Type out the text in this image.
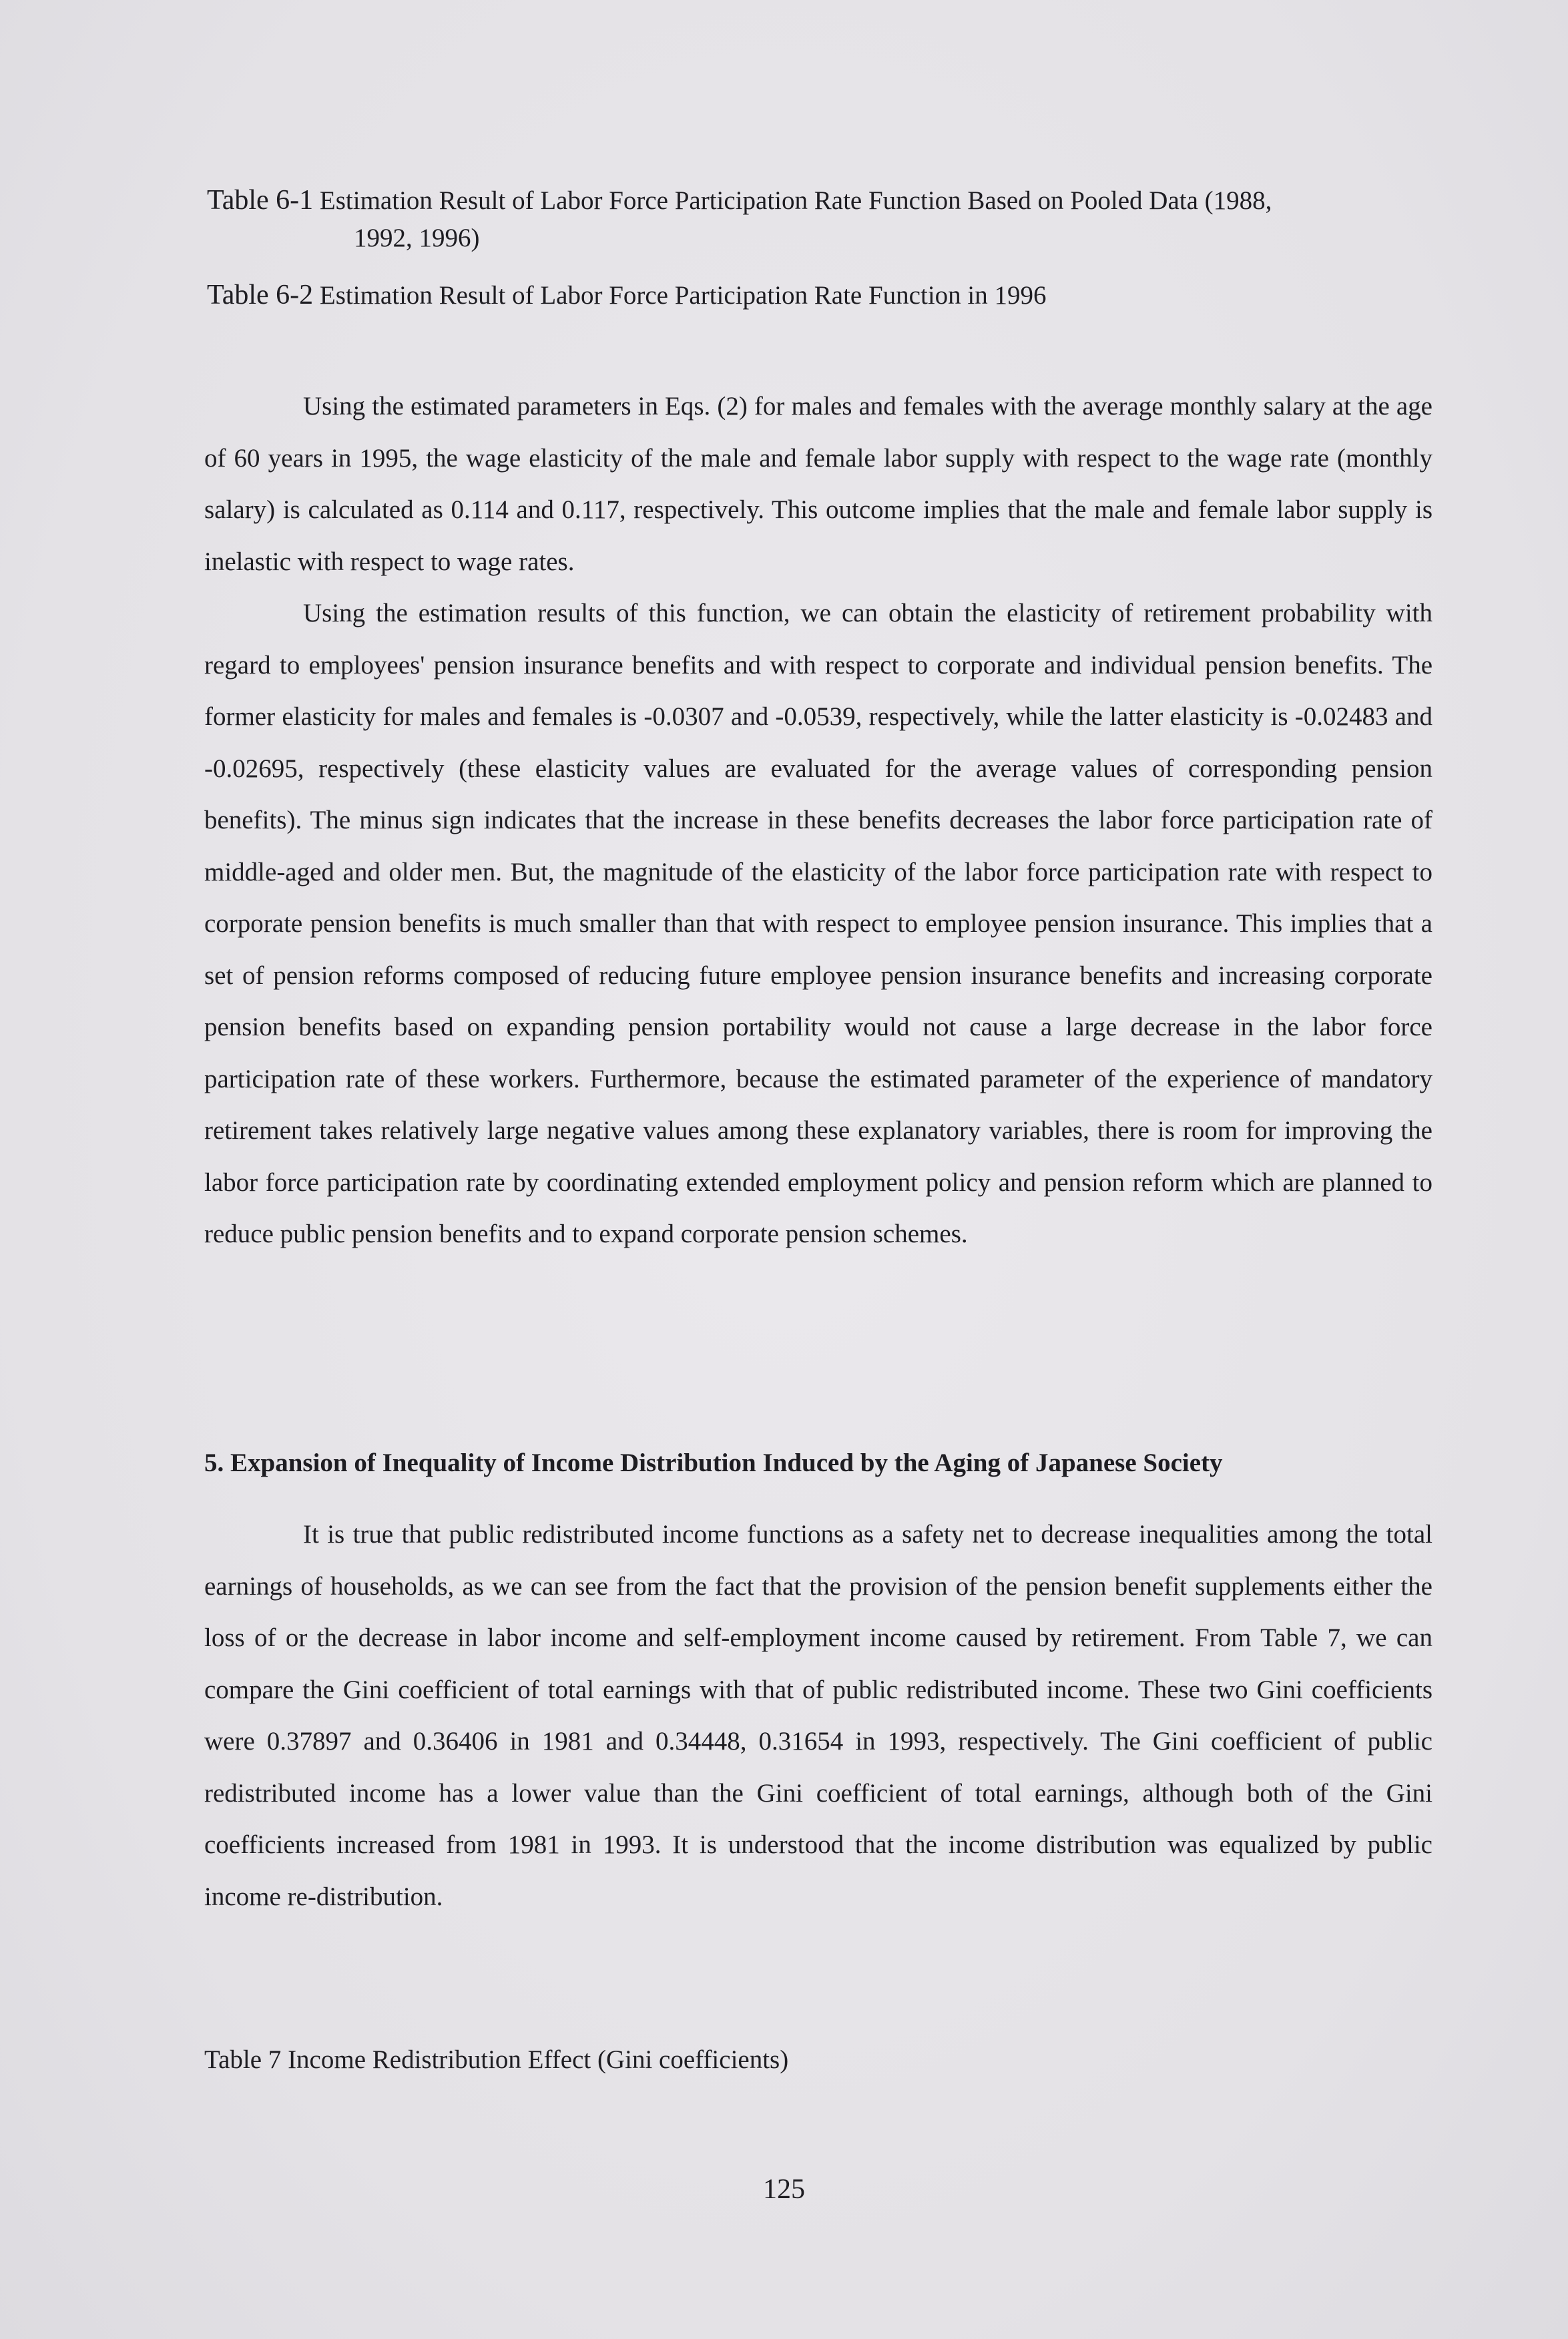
Table 6-1 Estimation Result of Labor Force Participation Rate Function Based on Pooled Data (1988,
1992, 1996)

Table 6-2 Estimation Result of Labor Force Participation Rate Function in 1996

Using the estimated parameters in Eqs. (2) for males and females with the average monthly salary at the age of 60 years in 1995, the wage elasticity of the male and female labor supply with respect to the wage rate (monthly salary) is calculated as 0.114 and 0.117, respectively. This outcome implies that the male and female labor supply is inelastic with respect to wage rates.

Using the estimation results of this function, we can obtain the elasticity of retirement probability with regard to employees' pension insurance benefits and with respect to corporate and individual pension benefits. The former elasticity for males and females is -0.0307 and -0.0539, respectively, while the latter elasticity is -0.02483 and -0.02695, respectively (these elasticity values are evaluated for the average values of corresponding pension benefits). The minus sign indicates that the increase in these benefits decreases the labor force participation rate of middle-aged and older men. But, the magnitude of the elasticity of the labor force participation rate with respect to corporate pension benefits is much smaller than that with respect to employee pension insurance. This implies that a set of pension reforms composed of reducing future employee pension insurance benefits and increasing corporate pension benefits based on expanding pension portability would not cause a large decrease in the labor force participation rate of these workers. Furthermore, because the estimated parameter of the experience of mandatory retirement takes relatively large negative values among these explanatory variables, there is room for improving the labor force participation rate by coordinating extended employment policy and pension reform which are planned to reduce public pension benefits and to expand corporate pension schemes.

5. Expansion of Inequality of Income Distribution Induced by the Aging of Japanese Society

It is true that public redistributed income functions as a safety net to decrease inequalities among the total earnings of households, as we can see from the fact that the provision of the pension benefit supplements either the loss of or the decrease in labor income and self-employment income caused by retirement. From Table 7, we can compare the Gini coefficient of total earnings with that of public redistributed income. These two Gini coefficients were 0.37897 and 0.36406 in 1981 and 0.34448, 0.31654 in 1993, respectively. The Gini coefficient of public redistributed income has a lower value than the Gini coefficient of total earnings, although both of the Gini coefficients increased from 1981 in 1993. It is understood that the income distribution was equalized by public income re-distribution.

Table 7 Income Redistribution Effect (Gini coefficients)

125
